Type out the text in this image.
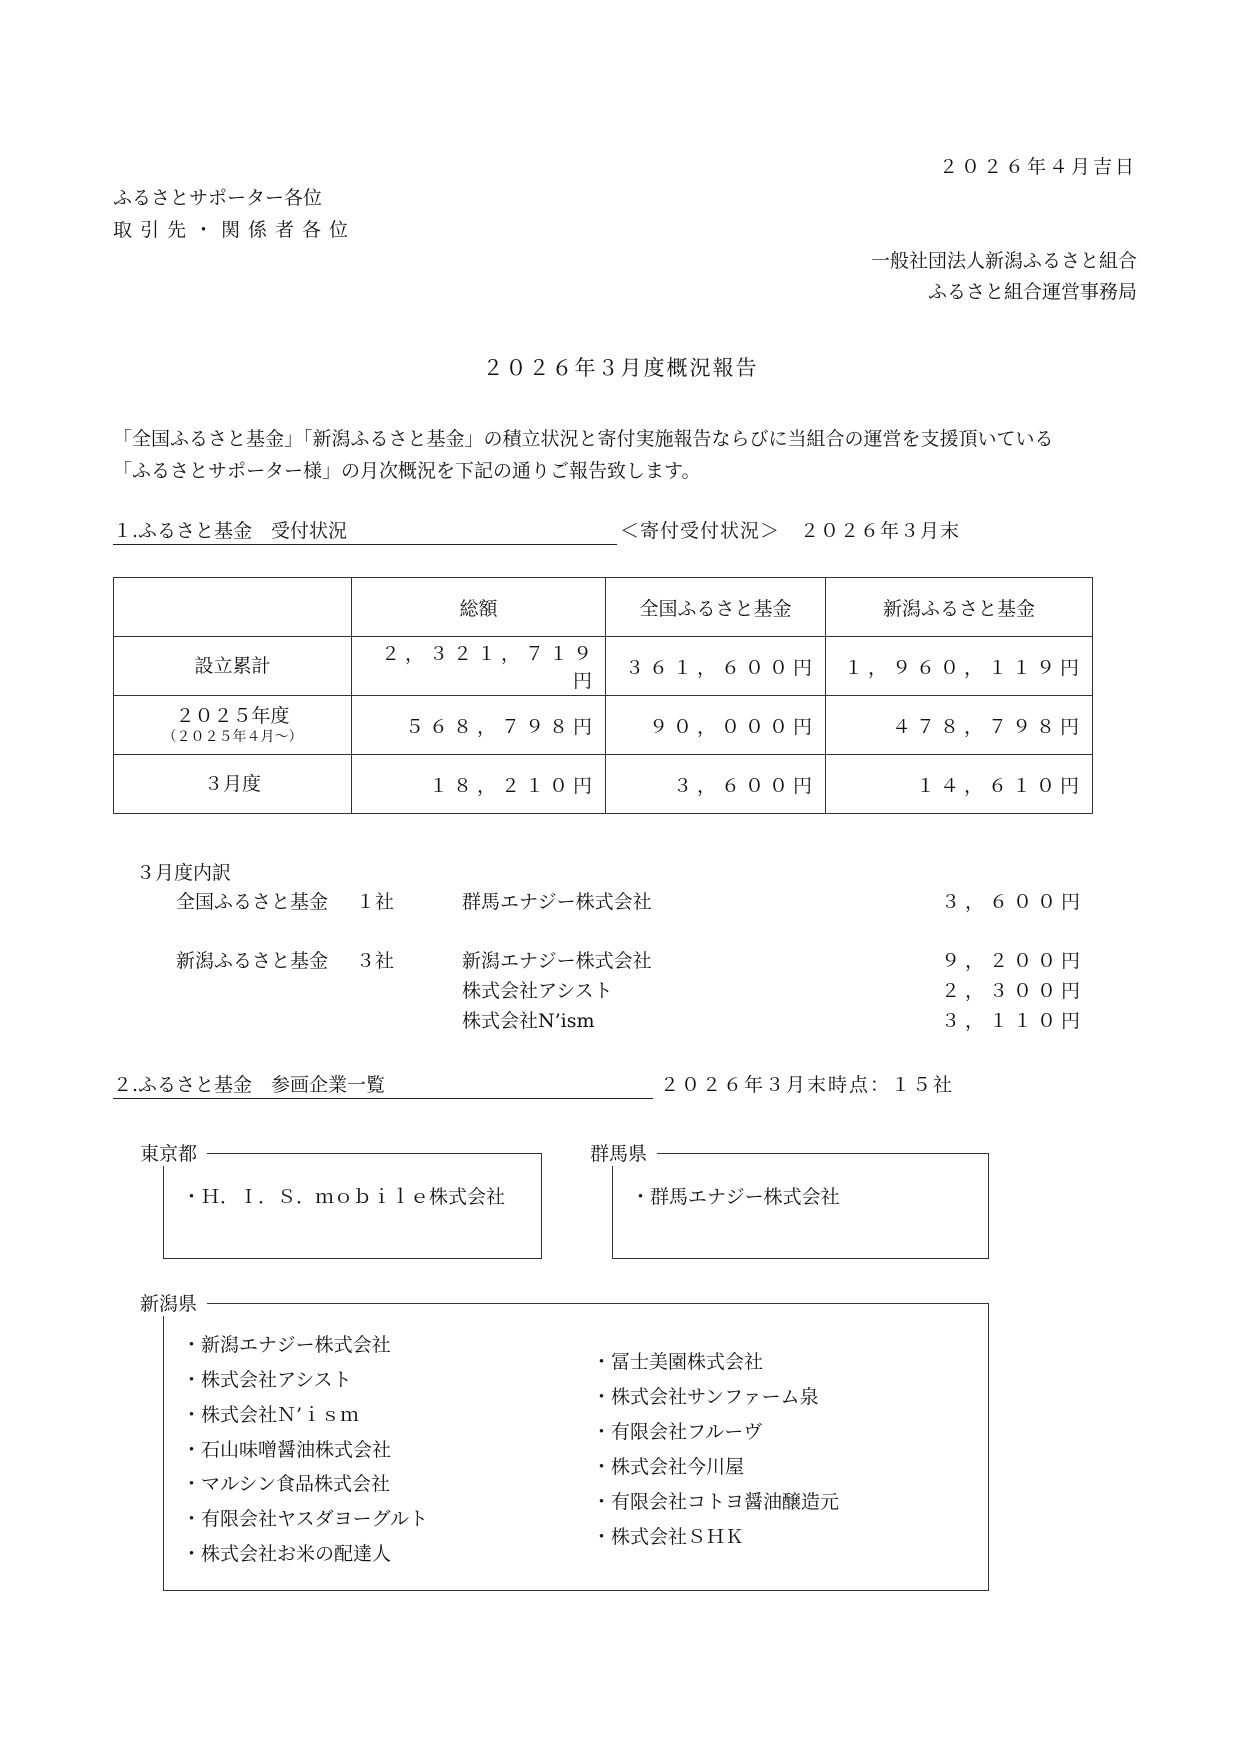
２０２６年４月吉日
ふるさとサポーター各位
取引先・関係者各位
一般社団法人新潟ふるさと組合
ふるさと組合運営事務局
２０２６年３月度概況報告
「全国ふるさと基金」「新潟ふるさと基金」の積立状況と寄付実施報告ならびに当組合の運営を支援頂いている
「ふるさとサポーター様」の月次概況を下記の通りご報告致します。
１.ふるさと基金　受付状況	＜寄付受付状況＞　２０２６年３月末
	総額	全国ふるさと基金	新潟ふるさと基金
設立累計	２，３２１，７１９円	３６１，６００円	１，９６０，１１９円
２０２５年度
（２０２５年４月～）	５６８，７９８円	９０，０００円	４７８，７９８円
３月度	１８，２１０円	３，６００円	１４，６１０円
３月度内訳
全国ふるさと基金 １社	群馬エナジー株式会社	３，６００円
新潟ふるさと基金 ３社	新潟エナジー株式会社	９，２００円
株式会社アシスト	２，３００円
株式会社N’ism	３，１１０円
２.ふるさと基金　参画企業一覧	２０２６年３月末時点：１５社
・Ｈ．Ｉ．Ｓ．ｍｏｂｉｌｅ株式会社
東京都
・群馬エナジー株式会社
群馬県
・新潟エナジー株式会社
・株式会社アシスト
・株式会社Ｎ’ｉｓｍ
・石山味噌醤油株式会社
・マルシン食品株式会社
・有限会社ヤスダヨーグルト
・株式会社お米の配達人
・冨士美園株式会社
・株式会社サンファーム泉
・有限会社フルーヴ
・株式会社今川屋
・有限会社コトヨ醤油醸造元
・株式会社ＳＨＫ
新潟県
